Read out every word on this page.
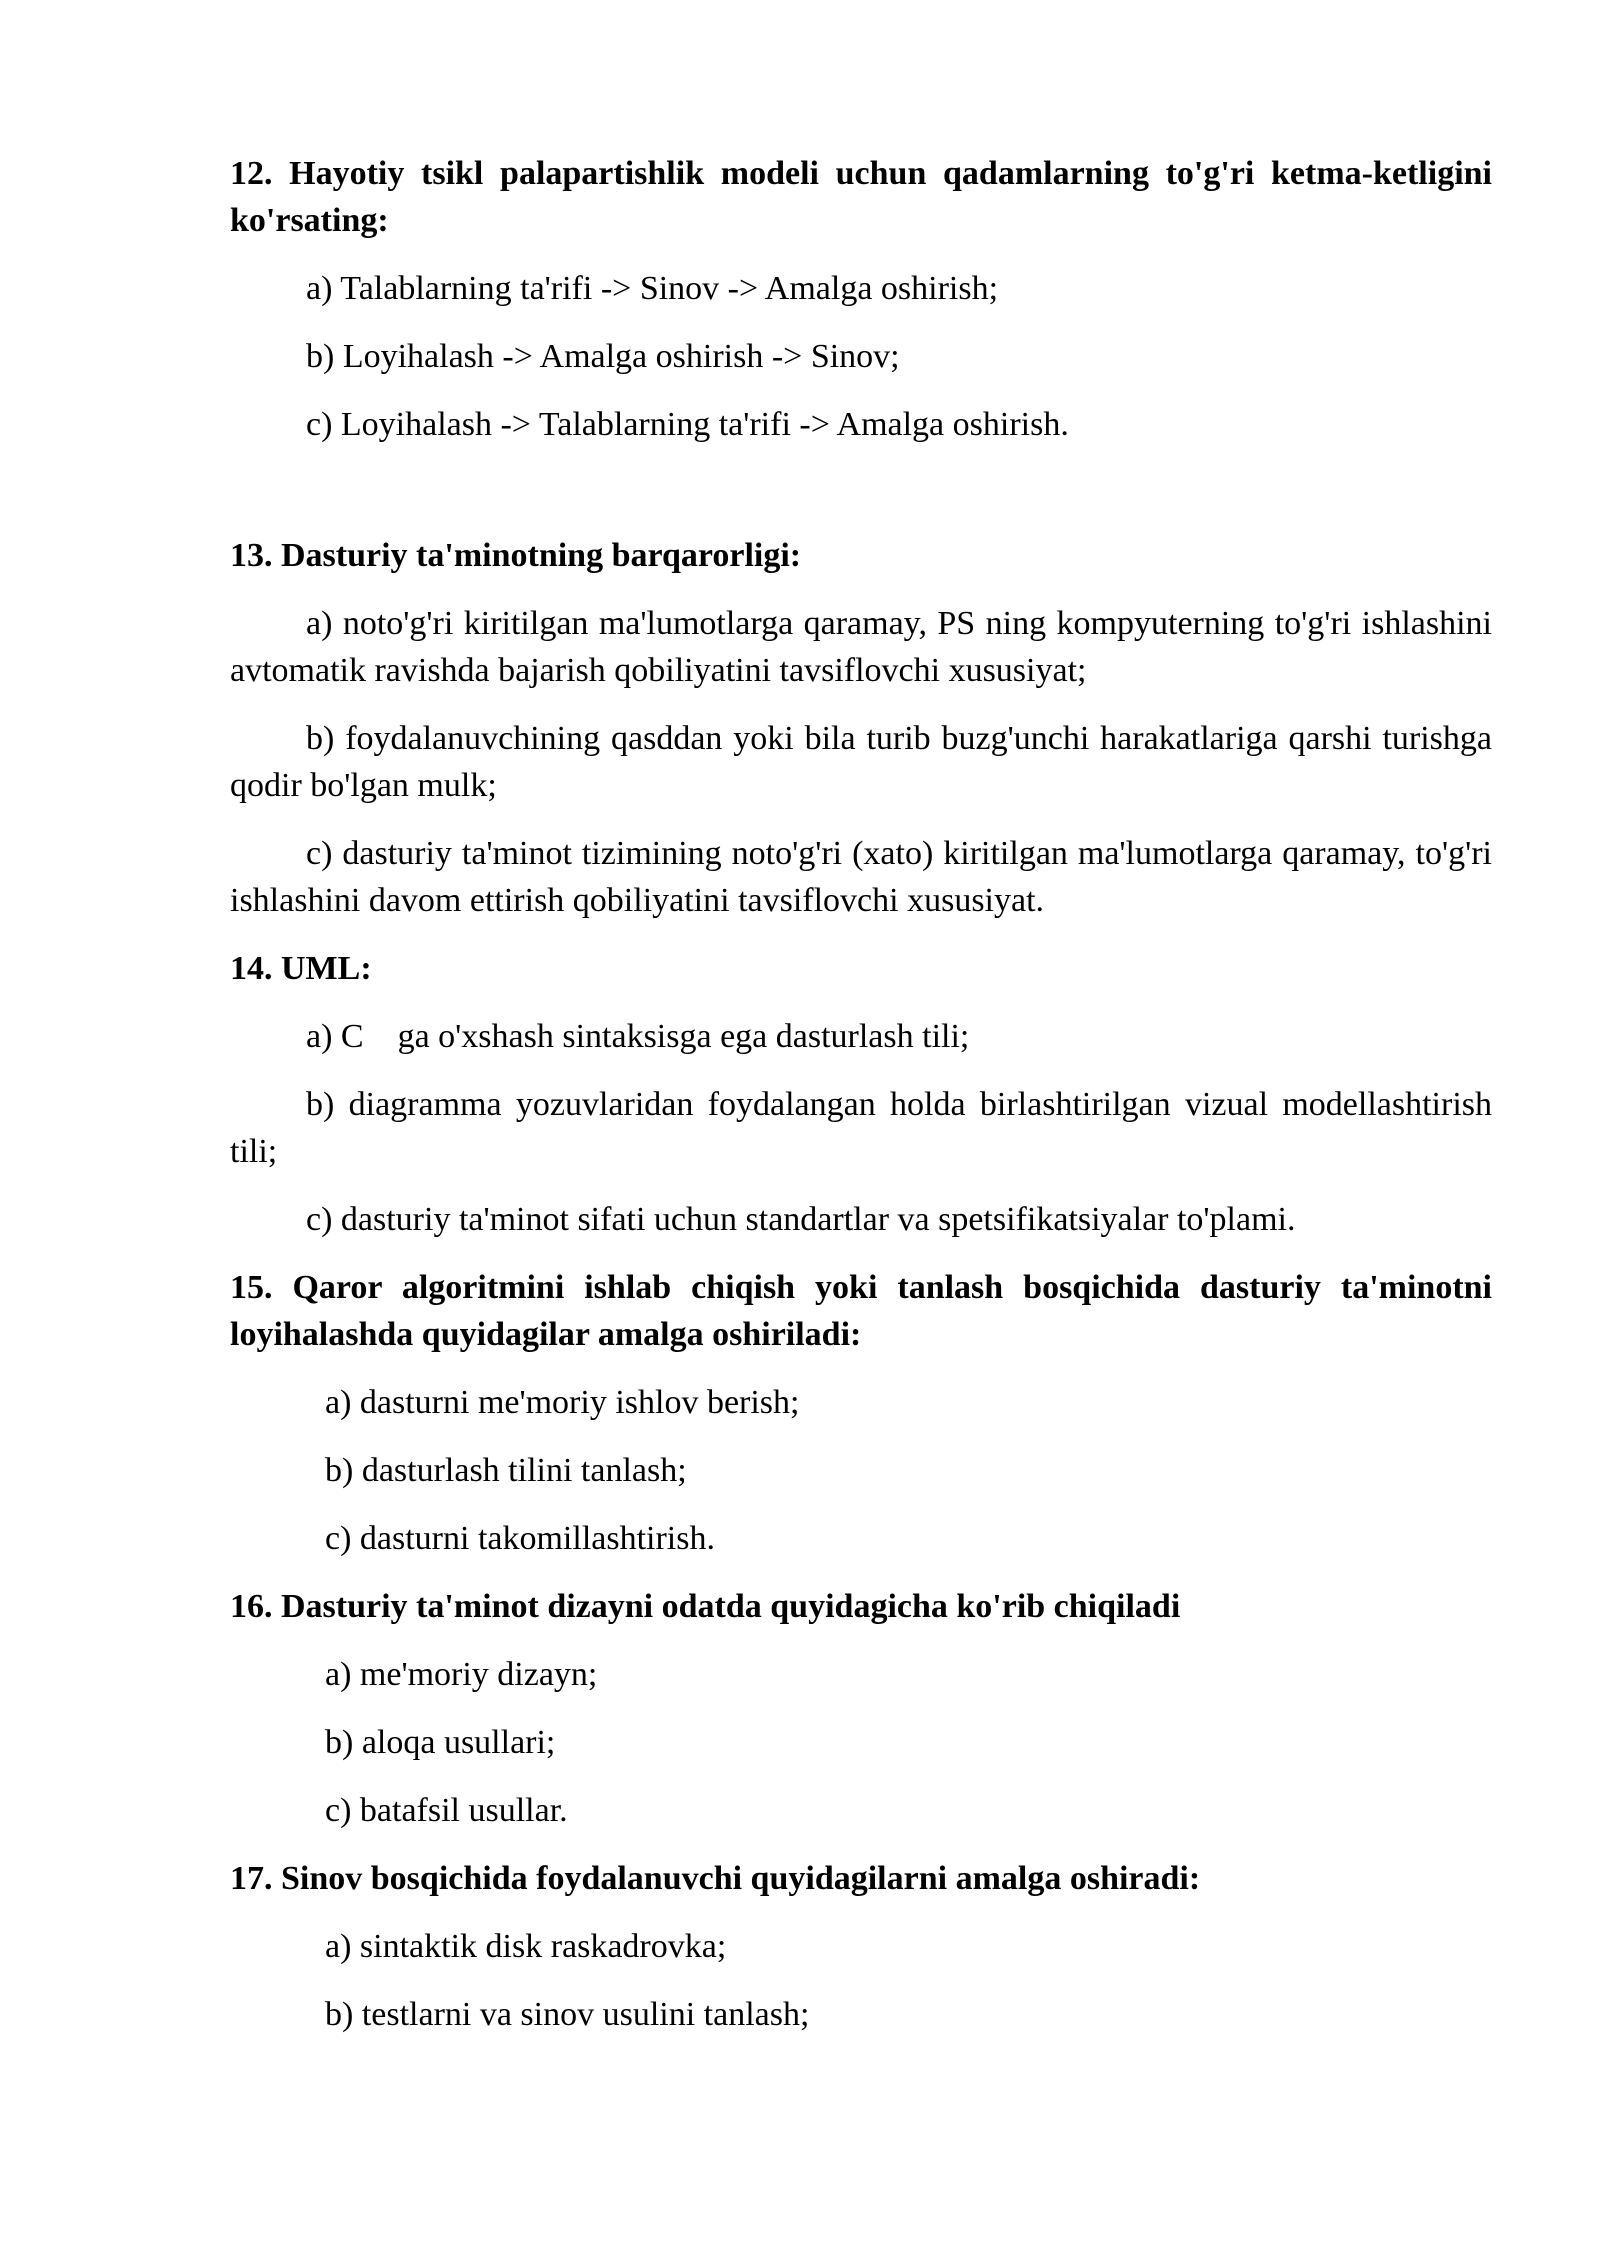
12. Hayotiy tsikl palapartishlik modeli uchun qadamlarning to'g'ri ketma-ketligini ko'rsating:

a) Talablarning ta'rifi -> Sinov -> Amalga oshirish;

b) Loyihalash -> Amalga oshirish -> Sinov;

c) Loyihalash -> Talablarning ta'rifi -> Amalga oshirish.

13. Dasturiy ta'minotning barqarorligi:

a) noto'g'ri kiritilgan ma'lumotlarga qaramay, PS ning kompyuterning to'g'ri ishlashini avtomatik ravishda bajarish qobiliyatini tavsiflovchi xususiyat;

b) foydalanuvchining qasddan yoki bila turib buzg'unchi harakatlariga qarshi turishga qodir bo'lgan mulk;

c) dasturiy ta'minot tizimining noto'g'ri (xato) kiritilgan ma'lumotlarga qaramay, to'g'ri ishlashini davom ettirish qobiliyatini tavsiflovchi xususiyat.

14. UML:

a) C    ga o'xshash sintaksisga ega dasturlash tili;

b) diagramma yozuvlaridan foydalangan holda birlashtirilgan vizual modellashtirish tili;

c) dasturiy ta'minot sifati uchun standartlar va spetsifikatsiyalar to'plami.

15. Qaror algoritmini ishlab chiqish yoki tanlash bosqichida dasturiy ta'minotni loyihalashda quyidagilar amalga oshiriladi:

a) dasturni me'moriy ishlov berish;

b) dasturlash tilini tanlash;

c) dasturni takomillashtirish.

16. Dasturiy ta'minot dizayni odatda quyidagicha ko'rib chiqiladi

a) me'moriy dizayn;

b) aloqa usullari;

c) batafsil usullar.

17. Sinov bosqichida foydalanuvchi quyidagilarni amalga oshiradi:

a) sintaktik disk raskadrovka;

b) testlarni va sinov usulini tanlash;
